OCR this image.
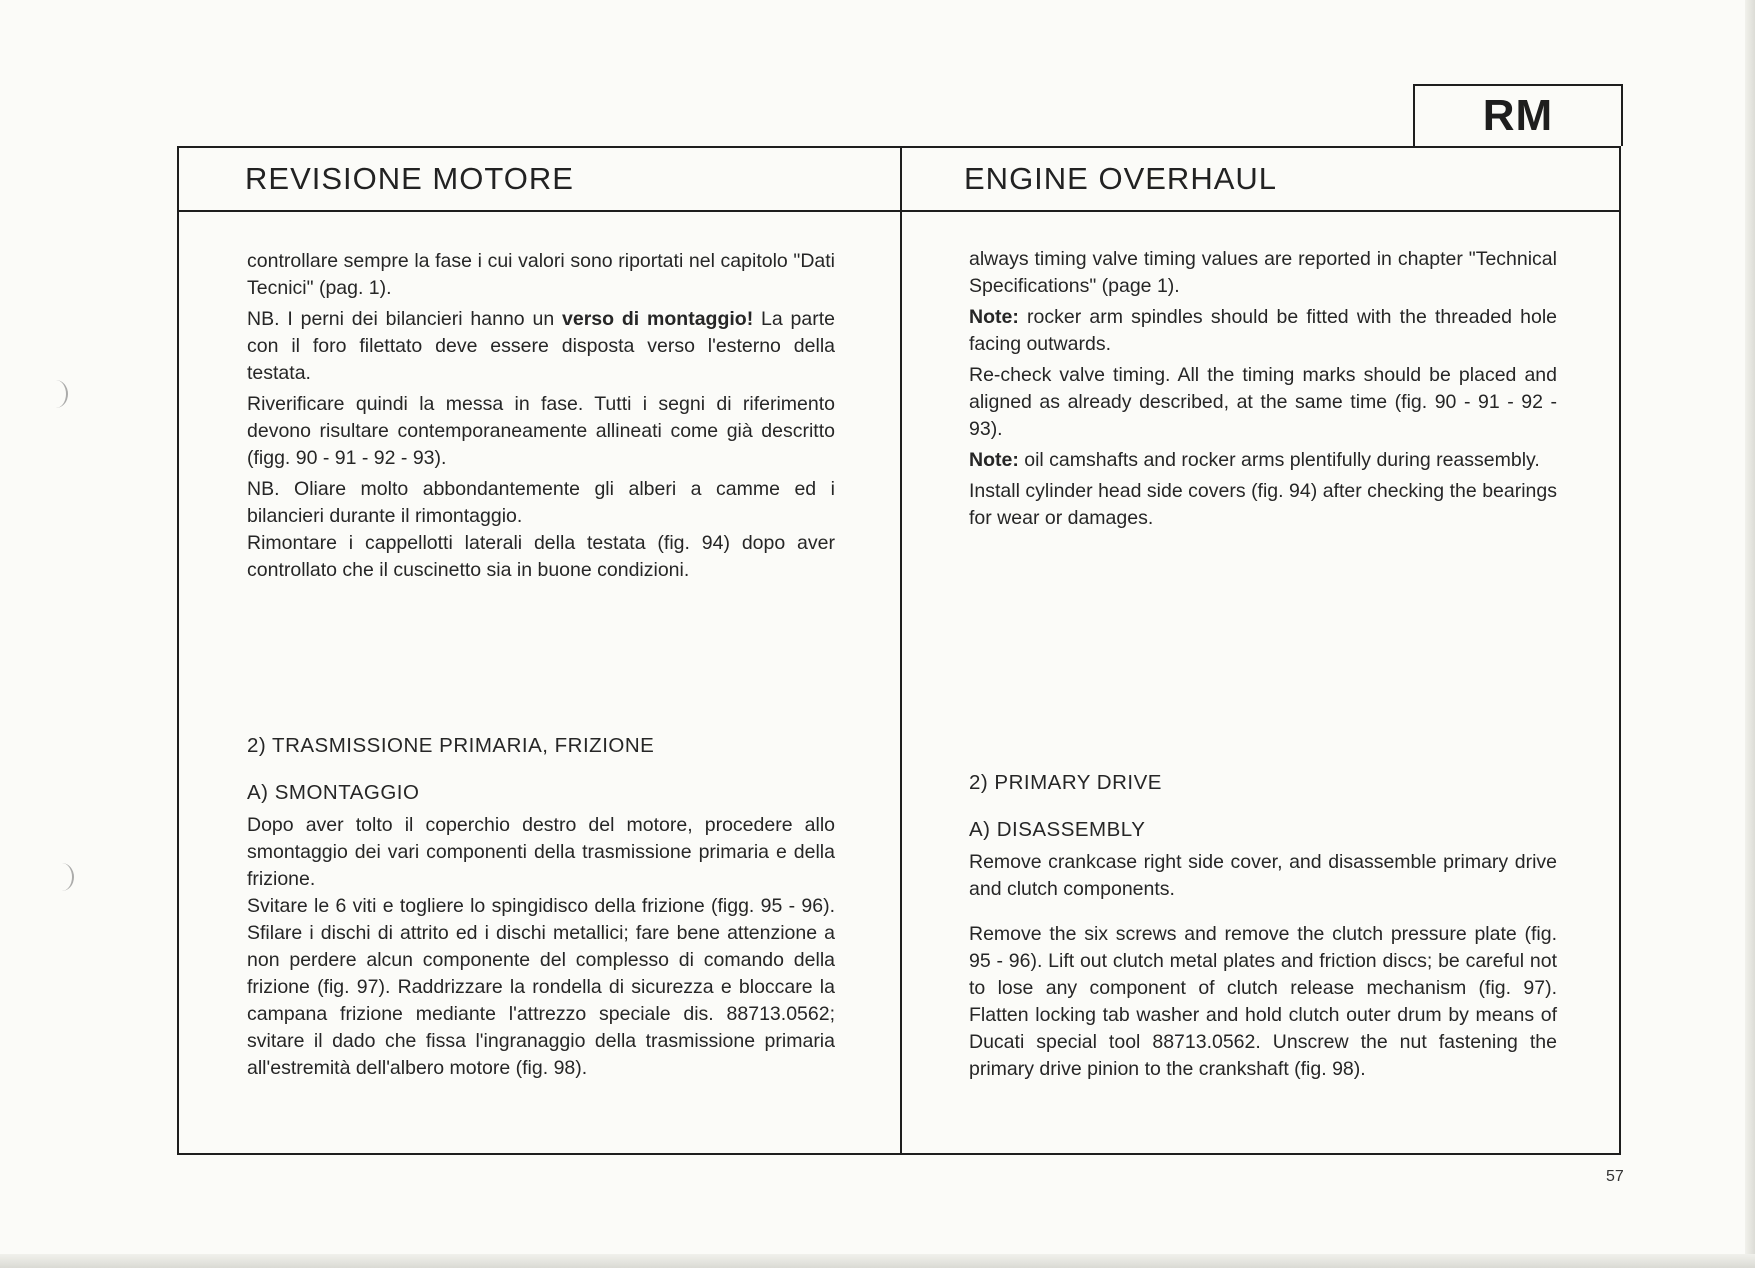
RM
REVISIONE MOTORE	ENGINE OVERHAUL

controllare sempre la fase i cui valori sono riportati nel capitolo "Dati Tecnici" (pag. 1).

NB. I perni dei bilancieri hanno un verso di montaggio! La parte con il foro filettato deve essere disposta verso l'esterno della testata.

Riverificare quindi la messa in fase. Tutti i segni di riferimento devono risultare contemporaneamente allineati come già descritto (figg. 90 - 91 - 92 - 93).

NB. Oliare molto abbondantemente gli alberi a camme ed i bilancieri durante il rimontaggio.

Rimontare i cappellotti laterali della testata (fig. 94) dopo aver controllato che il cuscinetto sia in buone condizioni.

always timing valve timing values are reported in chapter "Technical Specifications" (page 1).

Note: rocker arm spindles should be fitted with the threaded hole facing outwards.

Re-check valve timing. All the timing marks should be placed and aligned as already described, at the same time (fig. 90 - 91 - 92 - 93).

Note: oil camshafts and rocker arms plentifully during reassembly.

Install cylinder head side covers (fig. 94) after checking the bearings for wear or damages.

2) TRASMISSIONE PRIMARIA, FRIZIONE
A) SMONTAGGIO

Dopo aver tolto il coperchio destro del motore, procedere allo smontaggio dei vari componenti della trasmissione primaria e della frizione.

Svitare le 6 viti e togliere lo spingidisco della frizione (figg. 95 - 96). Sfilare i dischi di attrito ed i dischi metallici; fare bene attenzione a non perdere alcun componente del complesso di comando della frizione (fig. 97). Raddrizzare la rondella di sicurezza e bloccare la campana frizione mediante l'attrezzo speciale dis. 88713.0562; svitare il dado che fissa l'ingranaggio della trasmissione primaria all'estremità dell'albero motore (fig. 98).

2) PRIMARY DRIVE
A) DISASSEMBLY

Remove crankcase right side cover, and disassemble primary drive and clutch components.

Remove the six screws and remove the clutch pressure plate (fig. 95 - 96). Lift out clutch metal plates and friction discs; be careful not to lose any component of clutch release mechanism (fig. 97). Flatten locking tab washer and hold clutch outer drum by means of Ducati special tool 88713.0562. Unscrew the nut fastening the primary drive pinion to the crankshaft (fig. 98).

57
